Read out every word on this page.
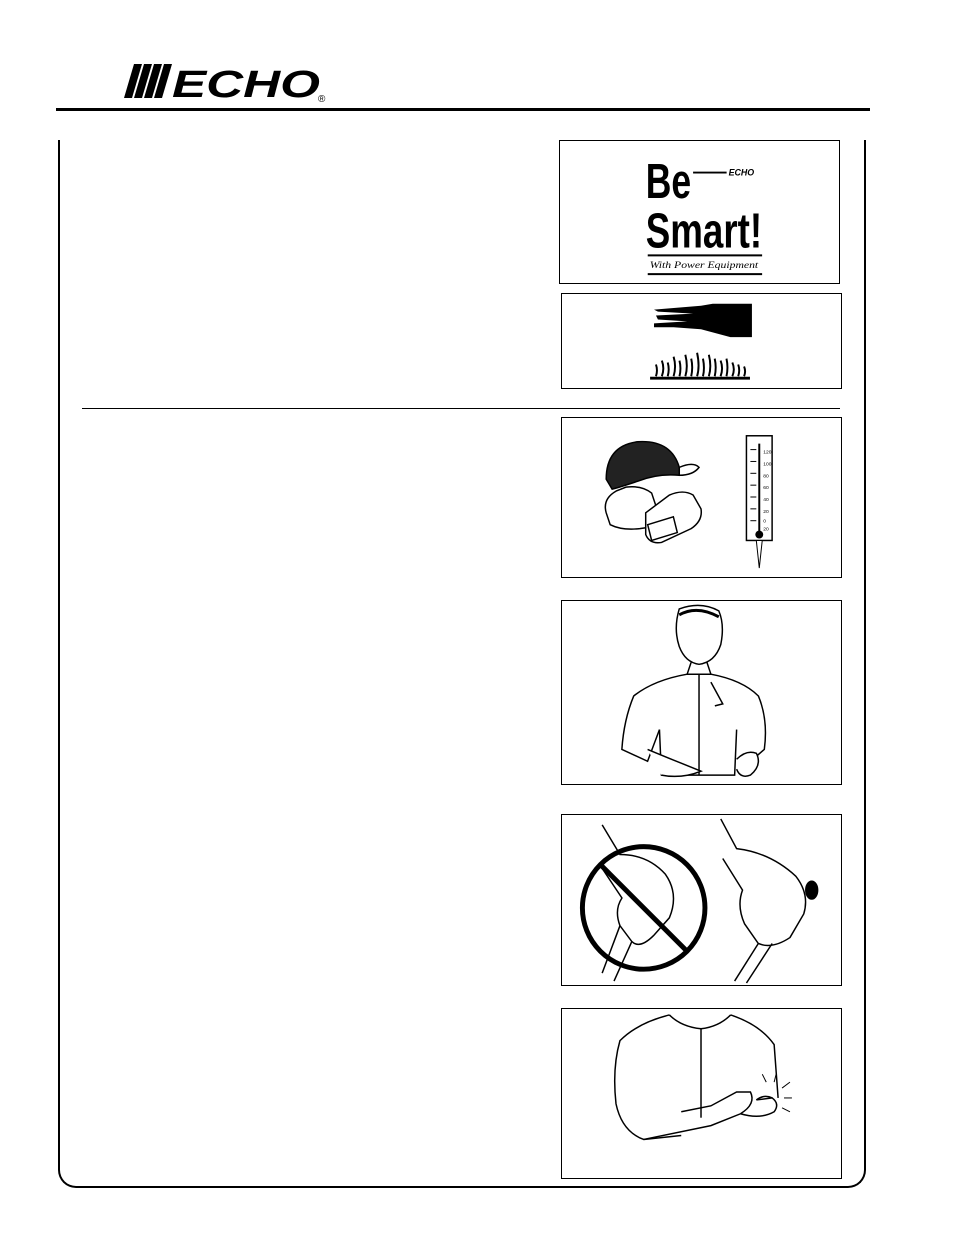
ECHO
®
Be	ECHO
Smart!
With Power Equipment
120
100
80
60
40
20
0
20
